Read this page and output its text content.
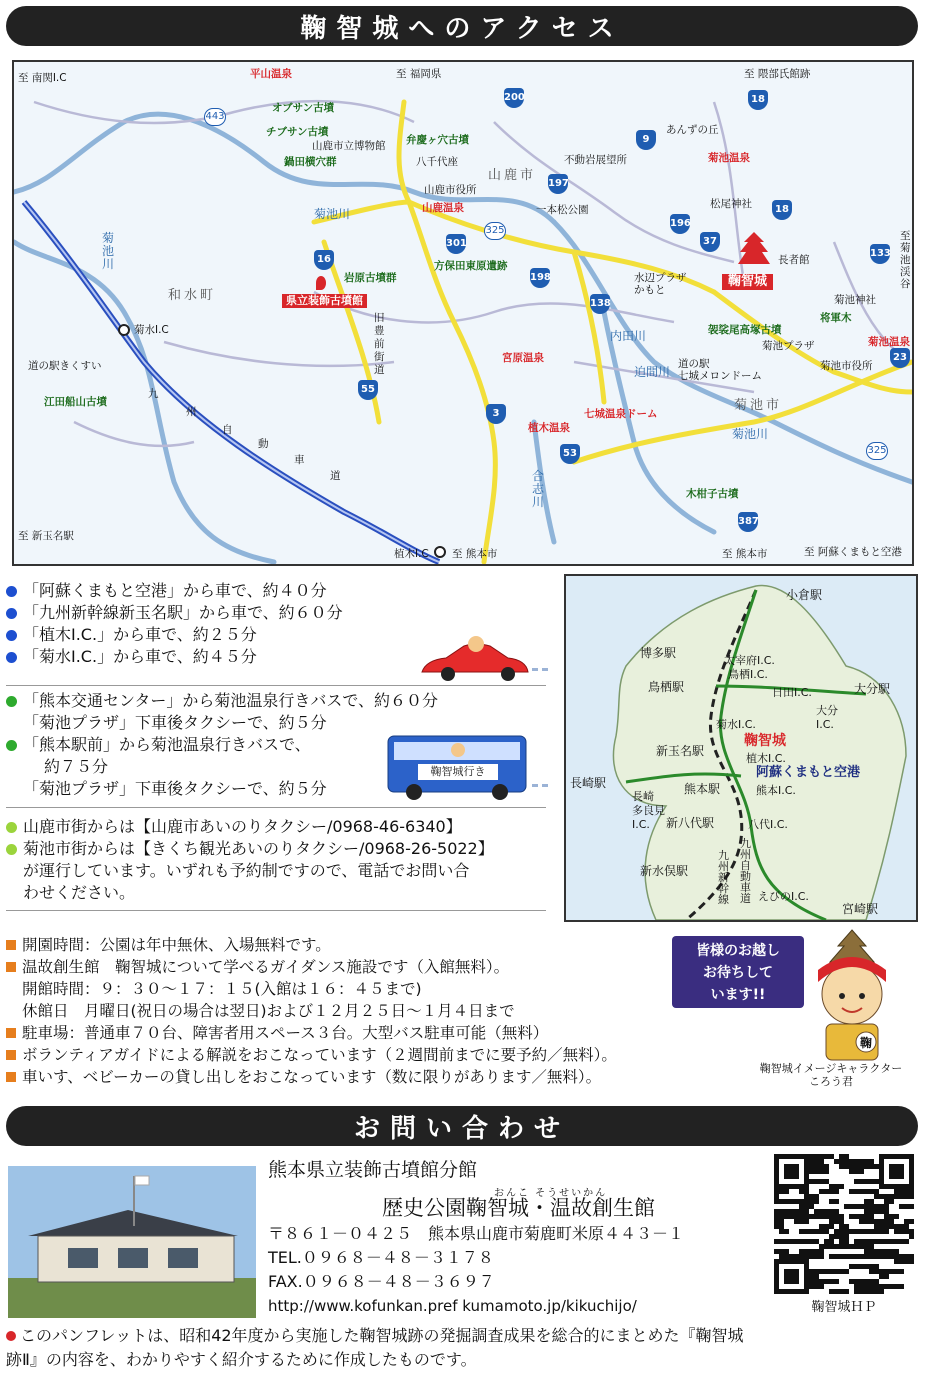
鞠智城へのアクセス
至 南関I.C	至 福岡県	至 隈部氏館跡
至 菊池渓谷
至 新玉名駅
至 熊本市	至 熊本市	至 阿蘇くまもと空港
平山温泉
山鹿温泉
宮原温泉
植木温泉
七城温泉ドーム
菊池温泉
菊池温泉
オブサン古墳
チブサン古墳
鍋田横穴群
弁慶ヶ穴古墳
岩原古墳群
方保田東原遺跡
江田船山古墳
袈裟尾高塚古墳
木柑子古墳
山鹿市立博物館
八千代座
山鹿市役所
あんずの丘
不動岩展望所
一本松公園	松尾神社
長者館
水辺プラザ
かもと
菊池プラザ
道の駅
七城メロンドーム
菊池神社
将軍木
菊池市役所
道の駅きくすい
鞠智城
県立装飾古墳館
山鹿市
和水町
菊池市
菊
池
川
菊池川
菊池川
内田川
迫間川
合
志
川
九
州
自
動
車
道
旧
豊
前
街
道
菊水I.C
植木I.C
443
200
9
18
197
196
18
37
325
301
16
198
138
133
23
55
3
53	325
387
「阿蘇くまもと空港」から車で、約４０分
「九州新幹線新玉名駅」から車で、約６０分
「植木I.C.」から車で、約２５分
「菊水I.C.」から車で、約４５分
「熊本交通センター」から菊池温泉行きバスで、約６０分
「菊池プラザ」下車後タクシーで、約５分
「熊本駅前」から菊池温泉行きバスで、
約７５分
「菊池プラザ」下車後タクシーで、約５分
鞠智城行き
山鹿市街からは【山鹿市あいのりタクシー/0968-46-6340】
菊池市街からは【きくち観光あいのりタクシー/0968-26-5022】
が運行しています。いずれも予約制ですので、電話でお問い合
わせください。
小倉駅
博多駅
太宰府I.C.
鳥栖I.C.
鳥栖駅	日田I.C.	大分駅
大分
I.C.
菊水I.C.
鞠智城
新玉名駅
植木I.C.
阿蘇くまもと空港
長崎駅	熊本駅	熊本I.C.
長崎
多良見
I.C.	新八代駅	八代I.C.
九州自動車道
九州新幹線
新水俣駅
えびのI.C.
宮崎駅
開園時間：公園は年中無休、入場無料です。
温故創生館　鞠智城について学べるガイダンス施設です（入館無料）。
開館時間：９：３０～１７：１５(入館は１６：４５まで)
休館日　月曜日(祝日の場合は翌日)および１２月２５日～１月４日まで
駐車場：普通車７０台、障害者用スペース３台。大型バス駐車可能（無料）
ボランティアガイドによる解説をおこなっています（２週間前までに要予約／無料）。
車いす、ベビーカーの貸し出しをおこなっています（数に限りがあります／無料）。
皆様のお越し
お待ちして
います!!
鞠
鞠智城イメージキャラクター
ころう君
お問い合わせ
熊本県立装飾古墳館分館
おんこ そうせいかん
歴史公園鞠智城・温故創生館
〒８６１－０４２５　熊本県山鹿市菊鹿町米原４４３－１
TEL.０９６８－４８－３１７８
FAX.０９６８－４８－３６９７
http://www.kofunkan.pref kumamoto.jp/kikuchijo/	鞠智城ＨＰ
このパンフレットは、昭和42年度から実施した鞠智城跡の発掘調査成果を総合的にまとめた『鞠智城
跡Ⅱ』の内容を、わかりやすく紹介するために作成したものです。
